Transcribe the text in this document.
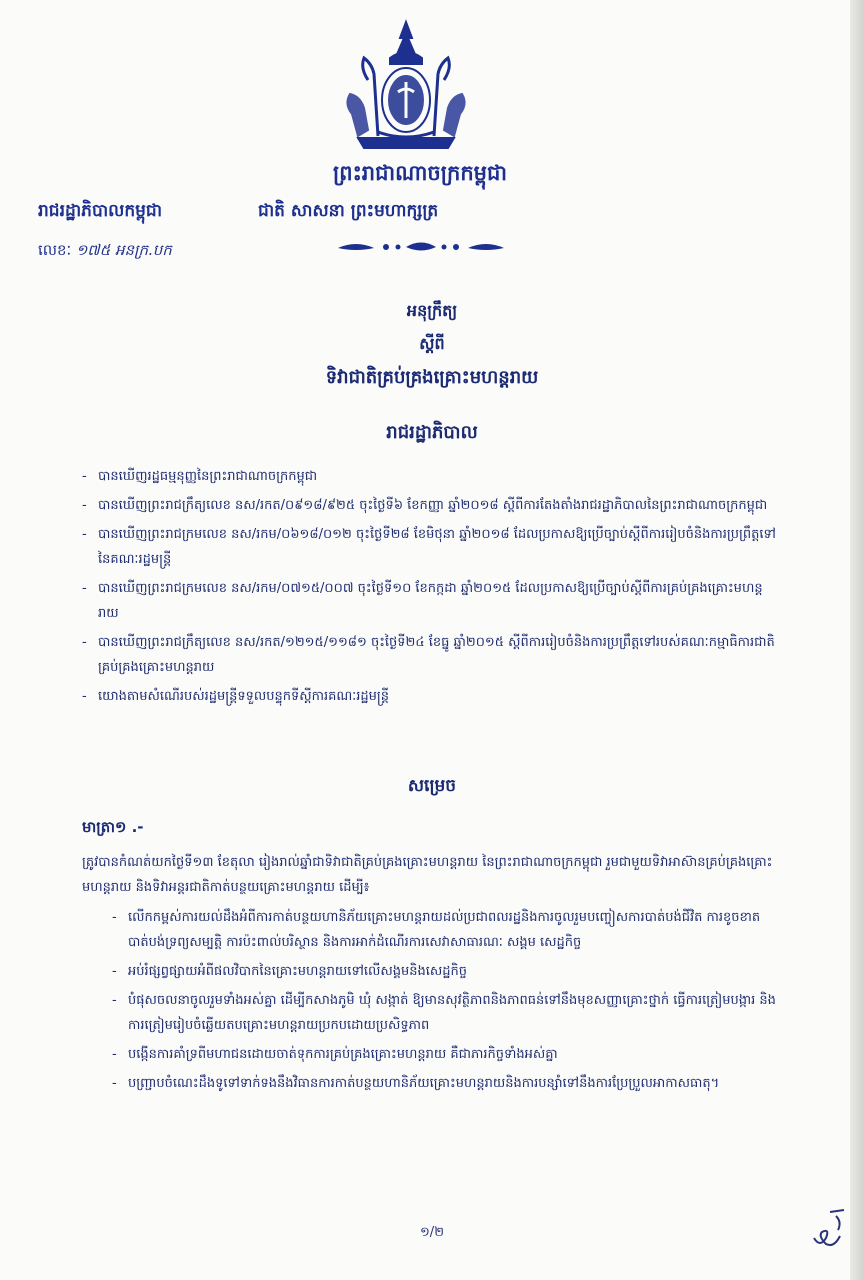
ព្រះរាជាណាចក្រកម្ពុជា
រាជរដ្ឋាភិបាលកម្ពុជា	ជាតិ សាសនា ព្រះមហាក្សត្រ
លេខៈ ១៧៥ អនក្រ.បក
អនុក្រឹត្យ
ស្តីពី
ទិវាជាតិគ្រប់គ្រងគ្រោះមហន្តរាយ
រាជរដ្ឋាភិបាល
- បានឃើញរដ្ឋធម្មនុញ្ញនៃព្រះរាជាណាចក្រកម្ពុជា
- បានឃើញព្រះរាជក្រឹត្យលេខ នស/រកត/០៩១៨/៩២៥ ចុះថ្ងៃទី៦ ខែកញ្ញា ឆ្នាំ២០១៨ ស្តីពីការតែងតាំងរាជរដ្ឋាភិបាលនៃព្រះរាជាណាចក្រកម្ពុជា
- បានឃើញព្រះរាជក្រមលេខ នស/រកម/០៦១៨/០១២ ចុះថ្ងៃទី២៨ ខែមិថុនា ឆ្នាំ២០១៨ ដែលប្រកាសឱ្យប្រើច្បាប់ស្តីពីការរៀបចំនិងការប្រព្រឹត្តទៅនៃគណៈរដ្ឋមន្ត្រី
- បានឃើញព្រះរាជក្រមលេខ នស/រកម/០៧១៥/០០៧ ចុះថ្ងៃទី១០ ខែកក្កដា ឆ្នាំ២០១៥ ដែលប្រកាសឱ្យប្រើច្បាប់ស្តីពីការគ្រប់គ្រងគ្រោះមហន្តរាយ
- បានឃើញព្រះរាជក្រឹត្យលេខ នស/រកត/១២១៥/១១៨១ ចុះថ្ងៃទី២៤ ខែធ្នូ ឆ្នាំ២០១៥ ស្តីពីការរៀបចំនិងការប្រព្រឹត្តទៅរបស់គណៈកម្មាធិការជាតិគ្រប់គ្រងគ្រោះមហន្តរាយ
- យោងតាមសំណើរបស់រដ្ឋមន្ត្រីទទួលបន្ទុកទីស្តីការគណៈរដ្ឋមន្ត្រី
សម្រេច
មាត្រា១ .-
ត្រូវបានកំណត់យកថ្ងៃទី១៣ ខែតុលា រៀងរាល់ឆ្នាំជាទិវាជាតិគ្រប់គ្រងគ្រោះមហន្តរាយ នៃព្រះរាជាណាចក្រកម្ពុជា រួមជាមួយទិវាអាស៊ានគ្រប់គ្រងគ្រោះមហន្តរាយ និងទិវាអន្តរជាតិកាត់បន្ថយគ្រោះមហន្តរាយ ដើម្បី៖
- លើកកម្ពស់ការយល់ដឹងអំពីការកាត់បន្ថយហានិភ័យគ្រោះមហន្តរាយដល់ប្រជាពលរដ្ឋនិងការចូលរួមបញ្ចៀសការបាត់បង់ជីវិត ការខូចខាតបាត់បង់ទ្រព្យសម្បត្តិ ការប៉ះពាល់បរិស្ថាន និងការអាក់ដំណើរការសេវាសាធារណៈ សង្គម សេដ្ឋកិច្ច
- អប់រំផ្សព្វផ្សាយអំពីផលវិបាកនៃគ្រោះមហន្តរាយទៅលើសង្គមនិងសេដ្ឋកិច្ច
- បំផុសចលនាចូលរួមទាំងអស់គ្នា ដើម្បីកសាងភូមិ ឃុំ សង្កាត់ ឱ្យមានសុវត្ថិភាពនិងភាពធន់ទៅនឹងមុខសញ្ញាគ្រោះថ្នាក់ ធ្វើការត្រៀមបង្ការ និងការត្រៀមរៀបចំឆ្លើយតបគ្រោះមហន្តរាយប្រកបដោយប្រសិទ្ធភាព
- បង្កើនការគាំទ្រពីមហាជនដោយចាត់ទុកការគ្រប់គ្រងគ្រោះមហន្តរាយ គឺជាភារកិច្ចទាំងអស់គ្នា
- បញ្ជ្រាបចំណេះដឹងទូទៅទាក់ទងនឹងវិធានការកាត់បន្ថយហានិភ័យគ្រោះមហន្តរាយនិងការបន្សាំទៅនឹងការប្រែប្រួលអាកាសធាតុ។
១/២
